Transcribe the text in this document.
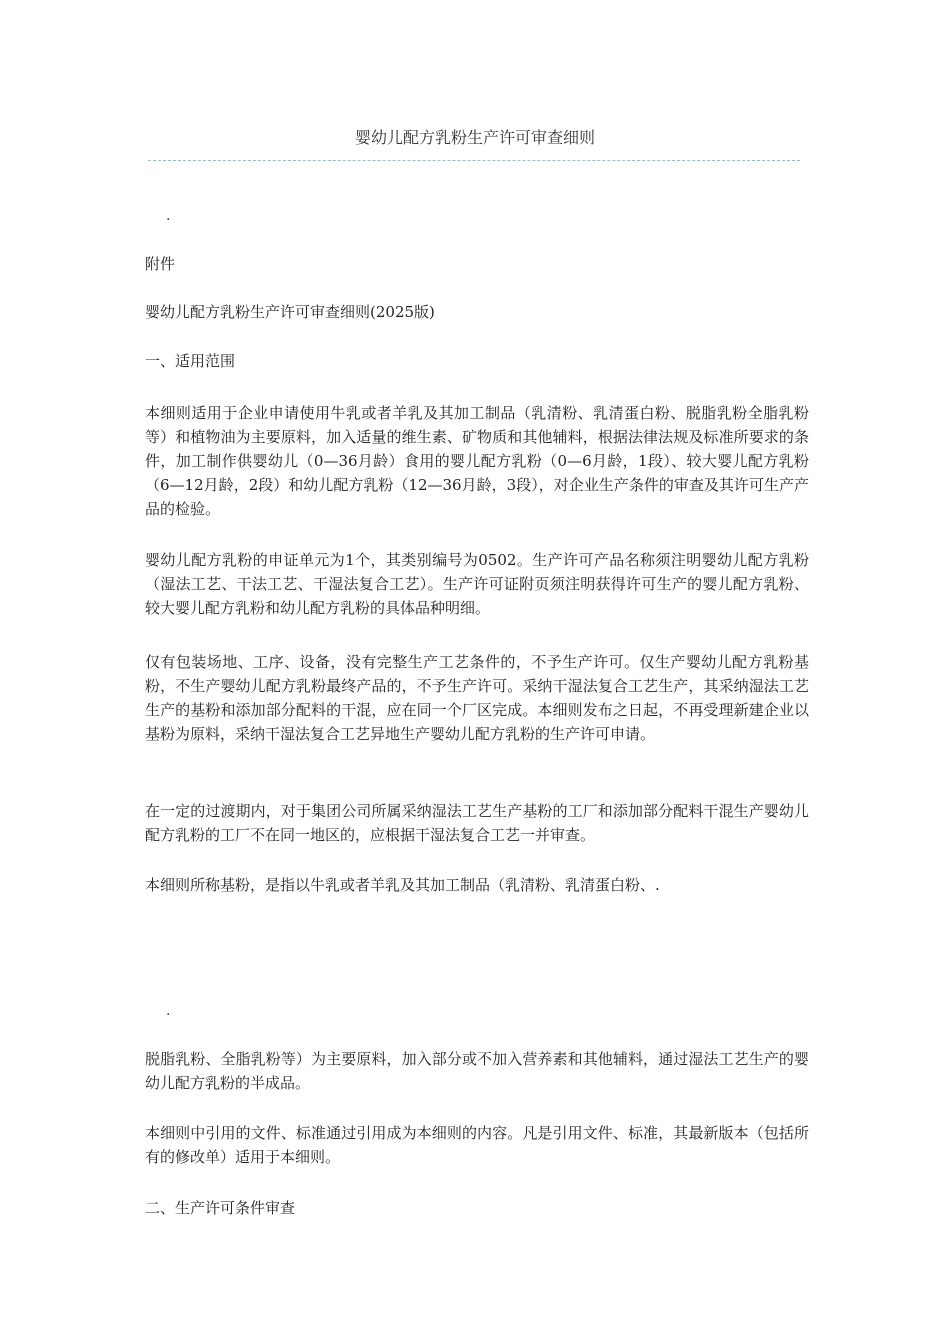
婴幼儿配方乳粉生产许可审查细则
.

附件

婴幼儿配方乳粉生产许可审查细则(2025版)

一、适用范围

本细则适用于企业申请使用牛乳或者羊乳及其加工制品（乳清粉、乳清蛋白粉、脱脂乳粉全脂乳粉等）和植物油为主要原料，加入适量的维生素、矿物质和其他辅料，根据法律法规及标准所要求的条件，加工制作供婴幼儿（0—36月龄）食用的婴儿配方乳粉（0—6月龄，1段）、较大婴儿配方乳粉（6—12月龄，2段）和幼儿配方乳粉（12—36月龄，3段），对企业生产条件的审查及其许可生产产品的检验。

婴幼儿配方乳粉的申证单元为1个，其类别编号为0502。生产许可产品名称须注明婴幼儿配方乳粉（湿法工艺、干法工艺、干湿法复合工艺）。生产许可证附页须注明获得许可生产的婴儿配方乳粉、较大婴儿配方乳粉和幼儿配方乳粉的具体品种明细。

仅有包装场地、工序、设备，没有完整生产工艺条件的，不予生产许可。仅生产婴幼儿配方乳粉基粉，不生产婴幼儿配方乳粉最终产品的，不予生产许可。采纳干湿法复合工艺生产，其采纳湿法工艺生产的基粉和添加部分配料的干混，应在同一个厂区完成。本细则发布之日起，不再受理新建企业以基粉为原料，采纳干湿法复合工艺异地生产婴幼儿配方乳粉的生产许可申请。

在一定的过渡期内，对于集团公司所属采纳湿法工艺生产基粉的工厂和添加部分配料干混生产婴幼儿配方乳粉的工厂不在同一地区的，应根据干湿法复合工艺一并审查。

本细则所称基粉，是指以牛乳或者羊乳及其加工制品（乳清粉、乳清蛋白粉、.

.

脱脂乳粉、全脂乳粉等）为主要原料，加入部分或不加入营养素和其他辅料，通过湿法工艺生产的婴幼儿配方乳粉的半成品。

本细则中引用的文件、标准通过引用成为本细则的内容。凡是引用文件、标准，其最新版本（包括所有的修改单）适用于本细则。

二、生产许可条件审查
